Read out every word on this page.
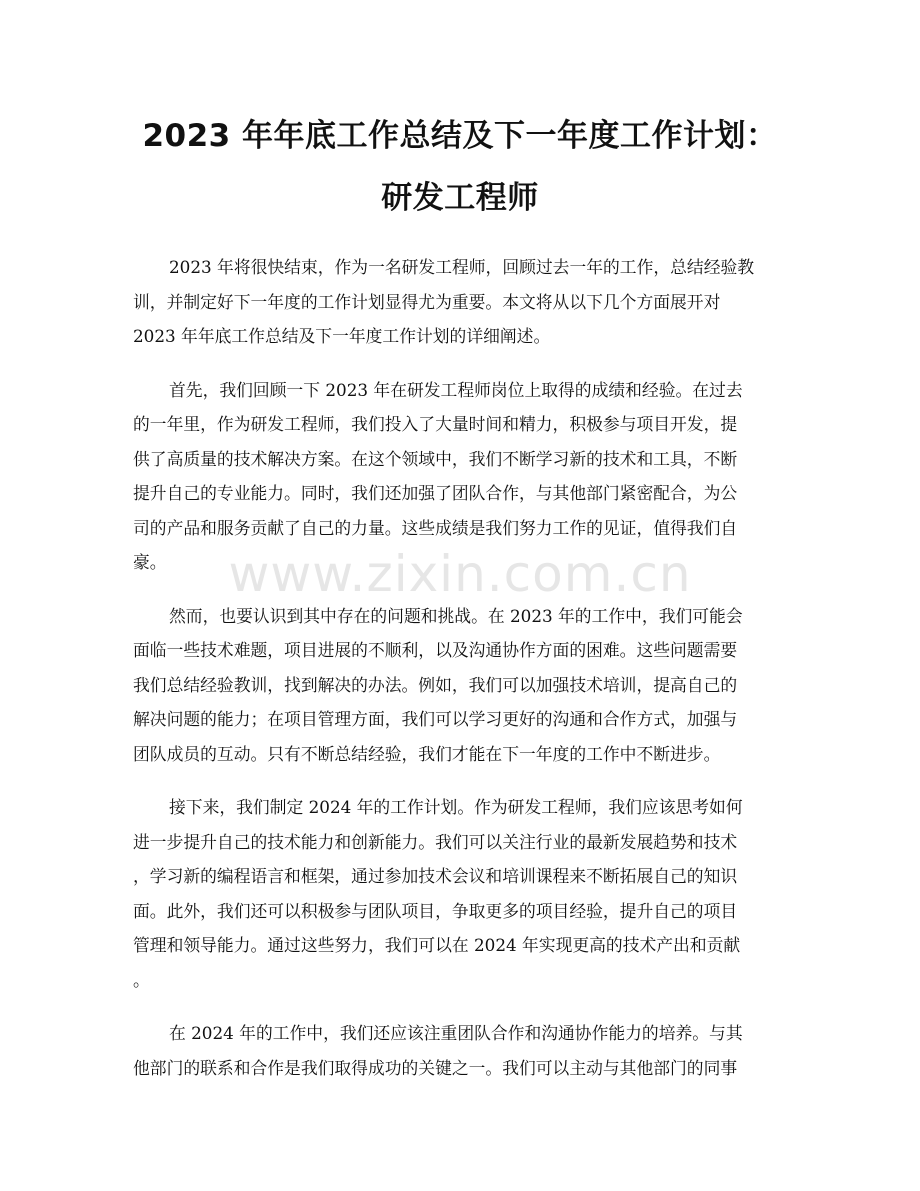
2023 年年底工作总结及下一年度工作计划：
研发工程师
www.zixin.com.cn
2023 年将很快结束，作为一名研发工程师，回顾过去一年的工作，总结经验教
训，并制定好下一年度的工作计划显得尤为重要。本文将从以下几个方面展开对
2023 年年底工作总结及下一年度工作计划的详细阐述。
首先，我们回顾一下 2023 年在研发工程师岗位上取得的成绩和经验。在过去
的一年里，作为研发工程师，我们投入了大量时间和精力，积极参与项目开发，提
供了高质量的技术解决方案。在这个领域中，我们不断学习新的技术和工具，不断
提升自己的专业能力。同时，我们还加强了团队合作，与其他部门紧密配合，为公
司的产品和服务贡献了自己的力量。这些成绩是我们努力工作的见证，值得我们自
豪。
然而，也要认识到其中存在的问题和挑战。在 2023 年的工作中，我们可能会
面临一些技术难题，项目进展的不顺利，以及沟通协作方面的困难。这些问题需要
我们总结经验教训，找到解决的办法。例如，我们可以加强技术培训，提高自己的
解决问题的能力；在项目管理方面，我们可以学习更好的沟通和合作方式，加强与
团队成员的互动。只有不断总结经验，我们才能在下一年度的工作中不断进步。
接下来，我们制定 2024 年的工作计划。作为研发工程师，我们应该思考如何
进一步提升自己的技术能力和创新能力。我们可以关注行业的最新发展趋势和技术
，学习新的编程语言和框架，通过参加技术会议和培训课程来不断拓展自己的知识
面。此外，我们还可以积极参与团队项目，争取更多的项目经验，提升自己的项目
管理和领导能力。通过这些努力，我们可以在 2024 年实现更高的技术产出和贡献
。
在 2024 年的工作中，我们还应该注重团队合作和沟通协作能力的培养。与其
他部门的联系和合作是我们取得成功的关键之一。我们可以主动与其他部门的同事
